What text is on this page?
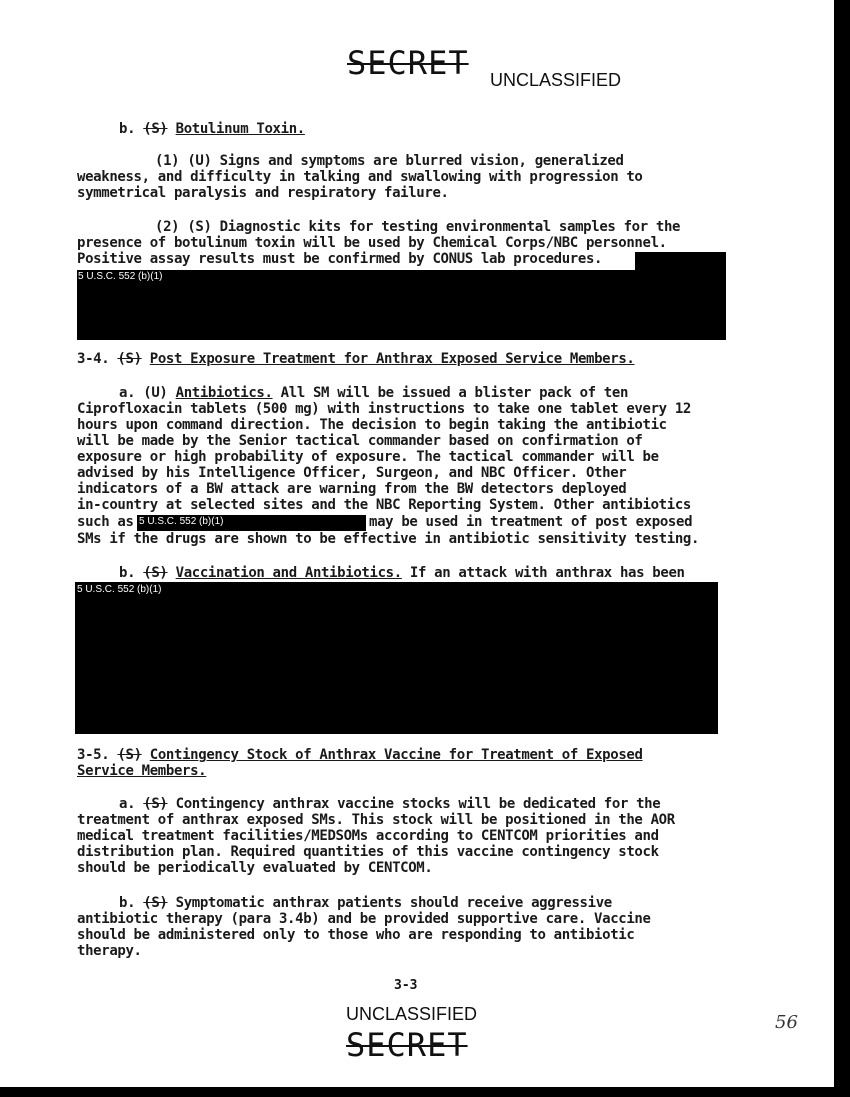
SECRET UNCLASSIFIED
b. (S) Botulinum Toxin.
(1) (U) Signs and symptoms are blurred vision, generalized
weakness, and difficulty in talking and swallowing with progression to
symmetrical paralysis and respiratory failure.
(2) (S) Diagnostic kits for testing environmental samples for the
presence of botulinum toxin will be used by Chemical Corps/NBC personnel.
Positive assay results must be confirmed by CONUS lab procedures.
5 U.S.C. 552 (b)(1)
3-4. (S) Post Exposure Treatment for Anthrax Exposed Service Members.
a. (U) Antibiotics. All SM will be issued a blister pack of ten
Ciprofloxacin tablets (500 mg) with instructions to take one tablet every 12
hours upon command direction. The decision to begin taking the antibiotic
will be made by the Senior tactical commander based on confirmation of
exposure or high probability of exposure. The tactical commander will be
advised by his Intelligence Officer, Surgeon, and NBC Officer. Other
indicators of a BW attack are warning from the BW detectors deployed
in-country at selected sites and the NBC Reporting System. Other antibiotics
such as 5 U.S.C. 552 (b)(1)	may be used in treatment of post exposed
SMs if the drugs are shown to be effective in antibiotic sensitivity testing.
b. (S) Vaccination and Antibiotics. If an attack with anthrax has been
5 U.S.C. 552 (b)(1)
3-5. (S) Contingency Stock of Anthrax Vaccine for Treatment of Exposed
Service Members.
a. (S) Contingency anthrax vaccine stocks will be dedicated for the
treatment of anthrax exposed SMs. This stock will be positioned in the AOR
medical treatment facilities/MEDSOMs according to CENTCOM priorities and
distribution plan. Required quantities of this vaccine contingency stock
should be periodically evaluated by CENTCOM.
b. (S) Symptomatic anthrax patients should receive aggressive
antibiotic therapy (para 3.4b) and be provided supportive care. Vaccine
should be administered only to those who are responding to antibiotic
therapy.
3-3
UNCLASSIFIED
SECRET
56
